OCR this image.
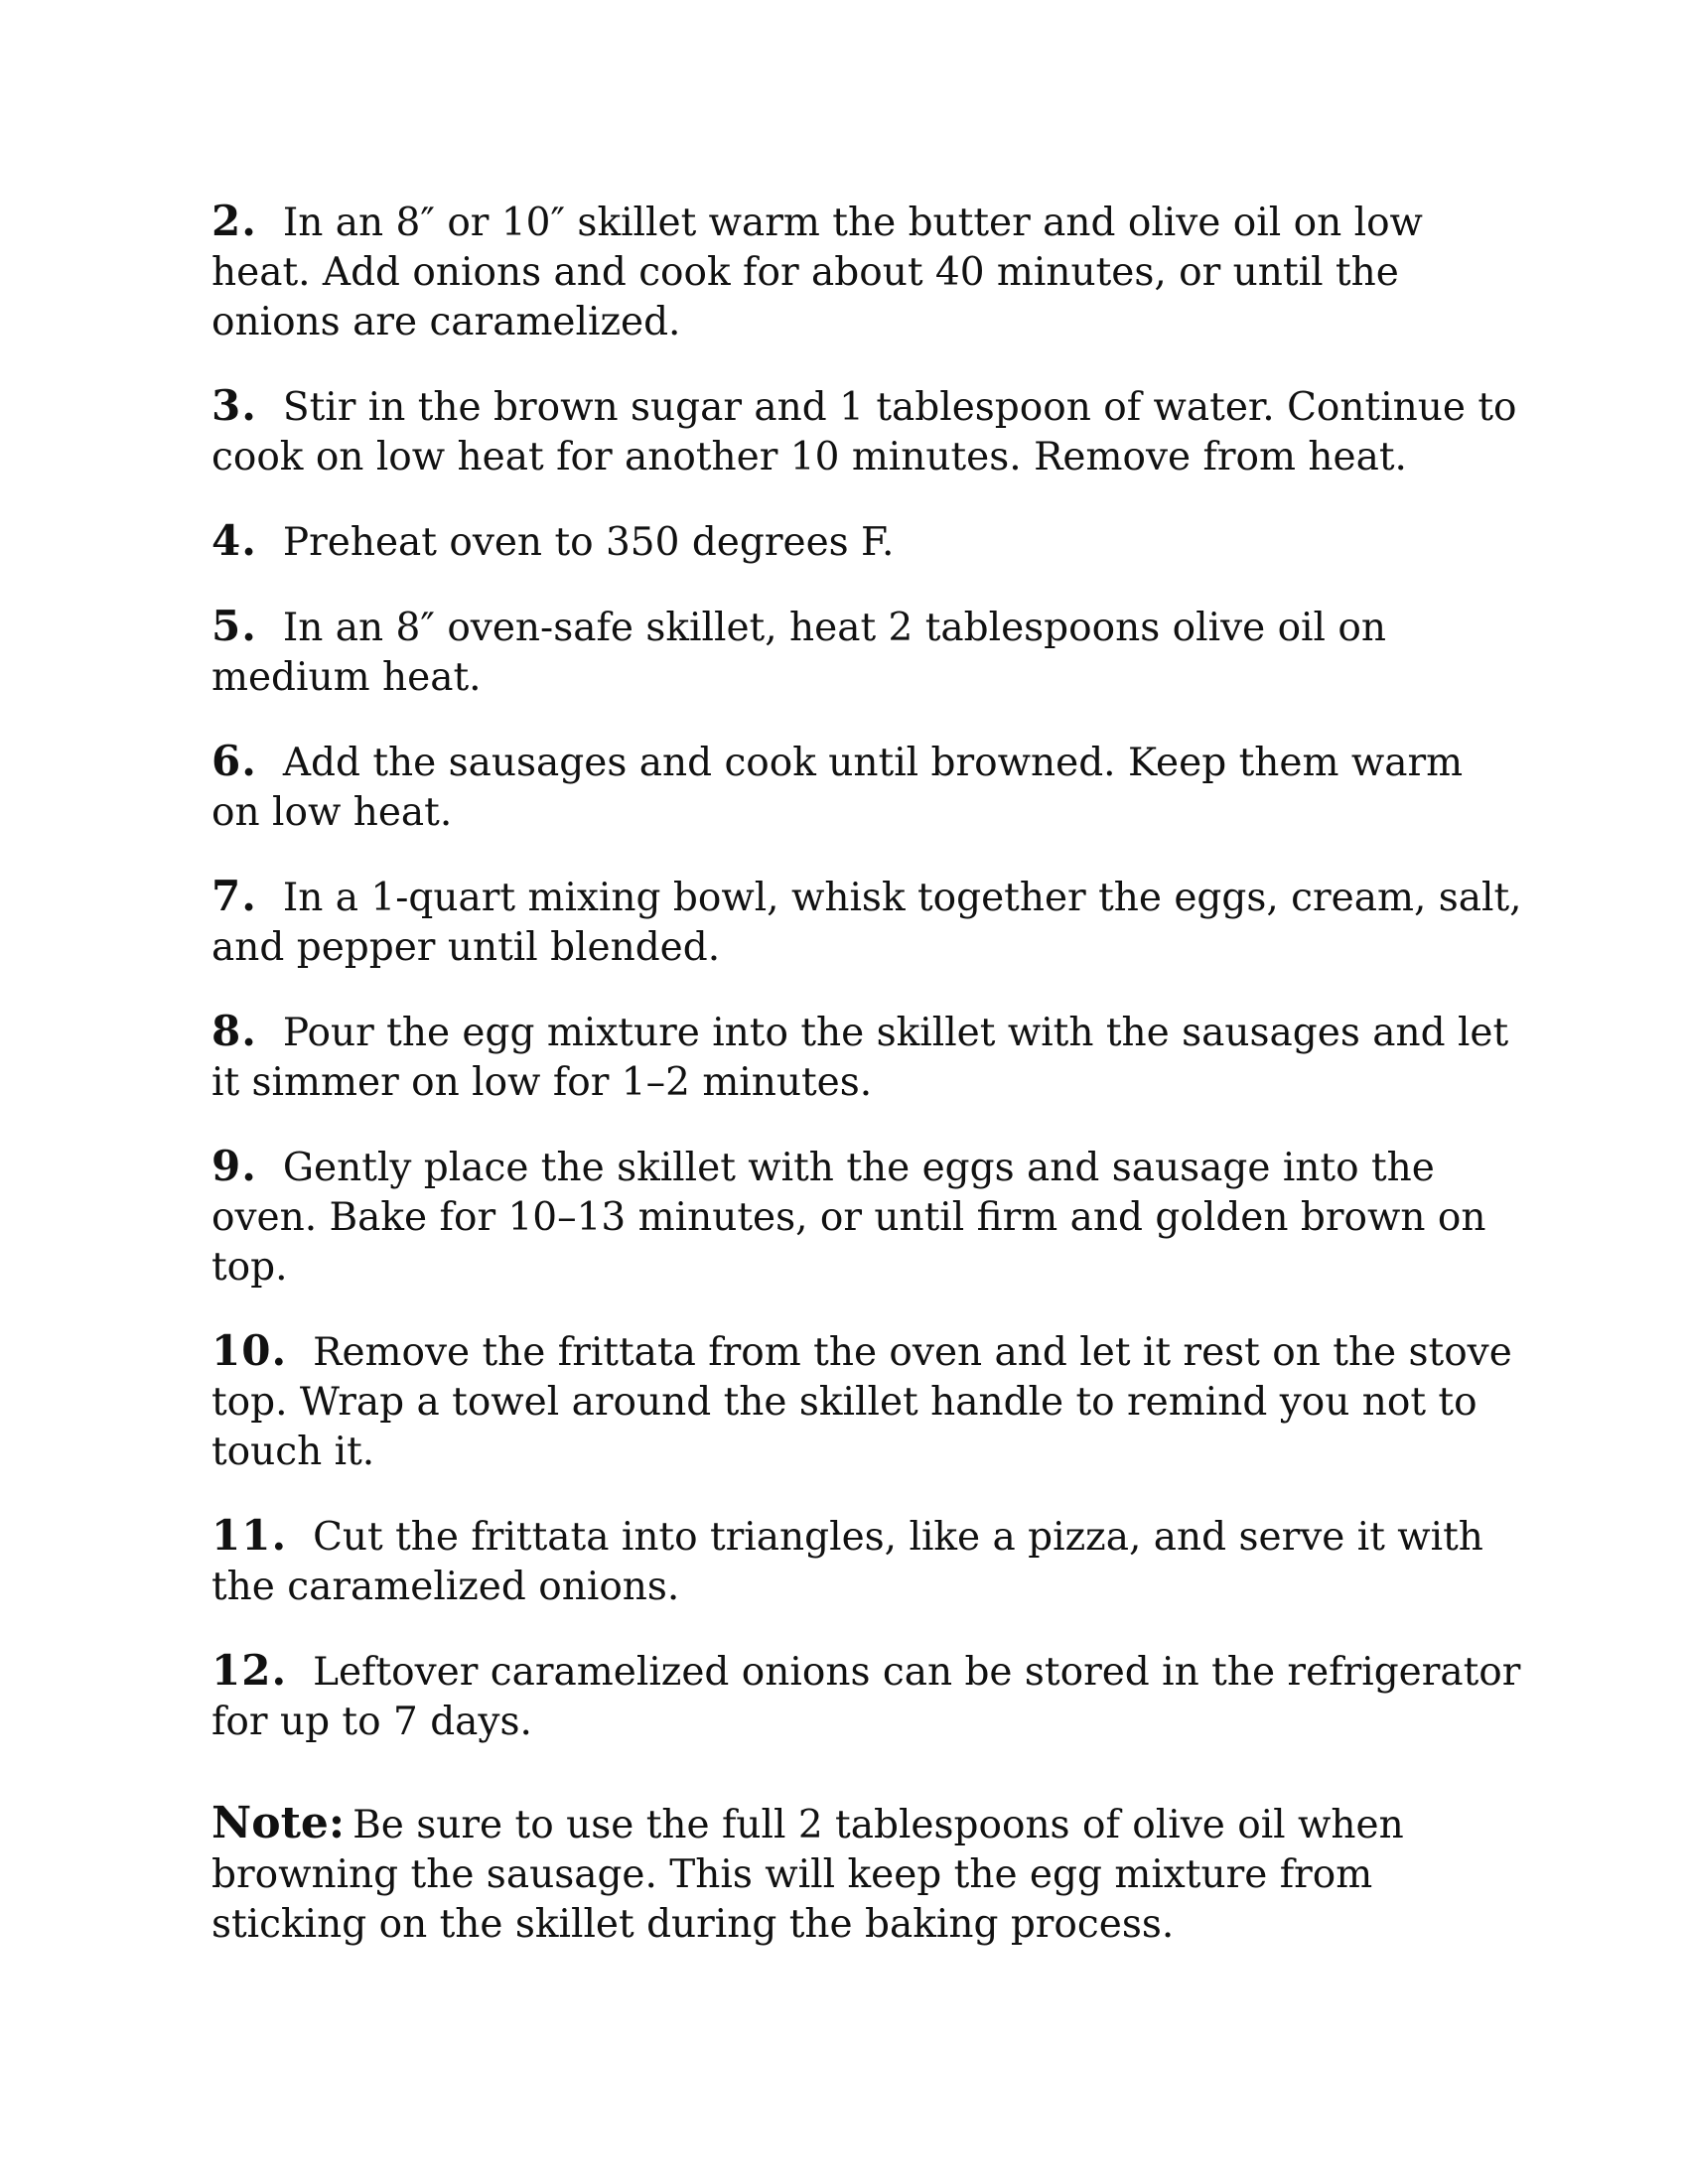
2. In an 8″ or 10″ skillet warm the butter and olive oil on low heat. Add onions and cook for about 40 minutes, or until the onions are caramelized.

3. Stir in the brown sugar and 1 tablespoon of water. Continue to cook on low heat for another 10 minutes. Remove from heat.

4. Preheat oven to 350 degrees F.

5. In an 8″ oven-safe skillet, heat 2 tablespoons olive oil on medium heat.

6. Add the sausages and cook until browned. Keep them warm on low heat.

7. In a 1-quart mixing bowl, whisk together the eggs, cream, salt, and pepper until blended.

8. Pour the egg mixture into the skillet with the sausages and let it simmer on low for 1–2 minutes.

9. Gently place the skillet with the eggs and sausage into the oven. Bake for 10–13 minutes, or until firm and golden brown on top.

10. Remove the frittata from the oven and let it rest on the stove top. Wrap a towel around the skillet handle to remind you not to touch it.

11. Cut the frittata into triangles, like a pizza, and serve it with the caramelized onions.

12. Leftover caramelized onions can be stored in the refrigerator for up to 7 days.

Note: Be sure to use the full 2 tablespoons of olive oil when browning the sausage. This will keep the egg mixture from sticking on the skillet during the baking process.
